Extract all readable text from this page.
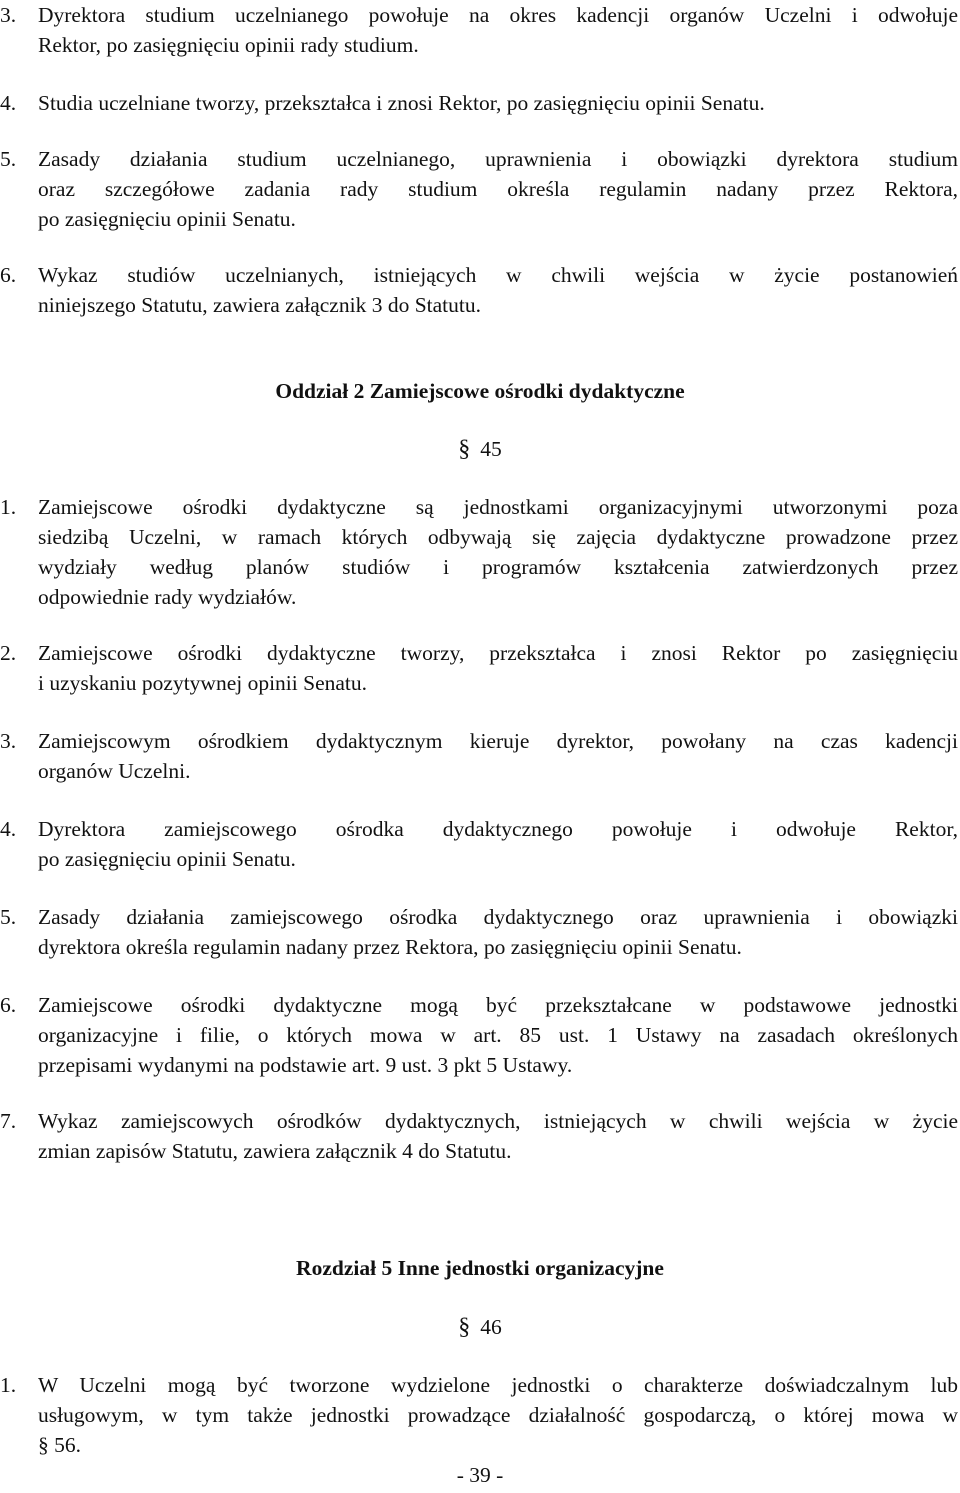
3. Dyrektora studium uczelnianego powołuje na okres kadencji organów Uczelni i odwołuje
Rektor, po zasięgnięciu opinii rady studium.
4. Studia uczelniane tworzy, przekształca i znosi Rektor, po zasięgnięciu opinii Senatu.
5. Zasady działania studium uczelnianego, uprawnienia i obowiązki dyrektora studium
oraz szczegółowe zadania rady studium określa regulamin nadany przez Rektora,
po zasięgnięciu opinii Senatu.
6. Wykaz studiów uczelnianych, istniejących w chwili wejścia w życie postanowień
niniejszego Statutu, zawiera załącznik 3 do Statutu.
Oddział 2 Zamiejscowe ośrodki dydaktyczne
§ 45
1. Zamiejscowe ośrodki dydaktyczne są jednostkami organizacyjnymi utworzonymi poza
siedzibą Uczelni, w ramach których odbywają się zajęcia dydaktyczne prowadzone przez
wydziały według planów studiów i programów kształcenia zatwierdzonych przez
odpowiednie rady wydziałów.
2. Zamiejscowe ośrodki dydaktyczne tworzy, przekształca i znosi Rektor po zasięgnięciu
i uzyskaniu pozytywnej opinii Senatu.
3. Zamiejscowym ośrodkiem dydaktycznym kieruje dyrektor, powołany na czas kadencji
organów Uczelni.
4. Dyrektora zamiejscowego ośrodka dydaktycznego powołuje i odwołuje Rektor,
po zasięgnięciu opinii Senatu.
5. Zasady działania zamiejscowego ośrodka dydaktycznego oraz uprawnienia i obowiązki
dyrektora określa regulamin nadany przez Rektora, po zasięgnięciu opinii Senatu.
6. Zamiejscowe ośrodki dydaktyczne mogą być przekształcane w podstawowe jednostki
organizacyjne i filie, o których mowa w art. 85 ust. 1 Ustawy na zasadach określonych
przepisami wydanymi na podstawie art. 9 ust. 3 pkt 5 Ustawy.
7. Wykaz zamiejscowych ośrodków dydaktycznych, istniejących w chwili wejścia w życie
zmian zapisów Statutu, zawiera załącznik 4 do Statutu.
Rozdział 5 Inne jednostki organizacyjne
§ 46
1. W Uczelni mogą być tworzone wydzielone jednostki o charakterze doświadczalnym lub
usługowym, w tym także jednostki prowadzące działalność gospodarczą, o której mowa w
§ 56.
- 39 -
